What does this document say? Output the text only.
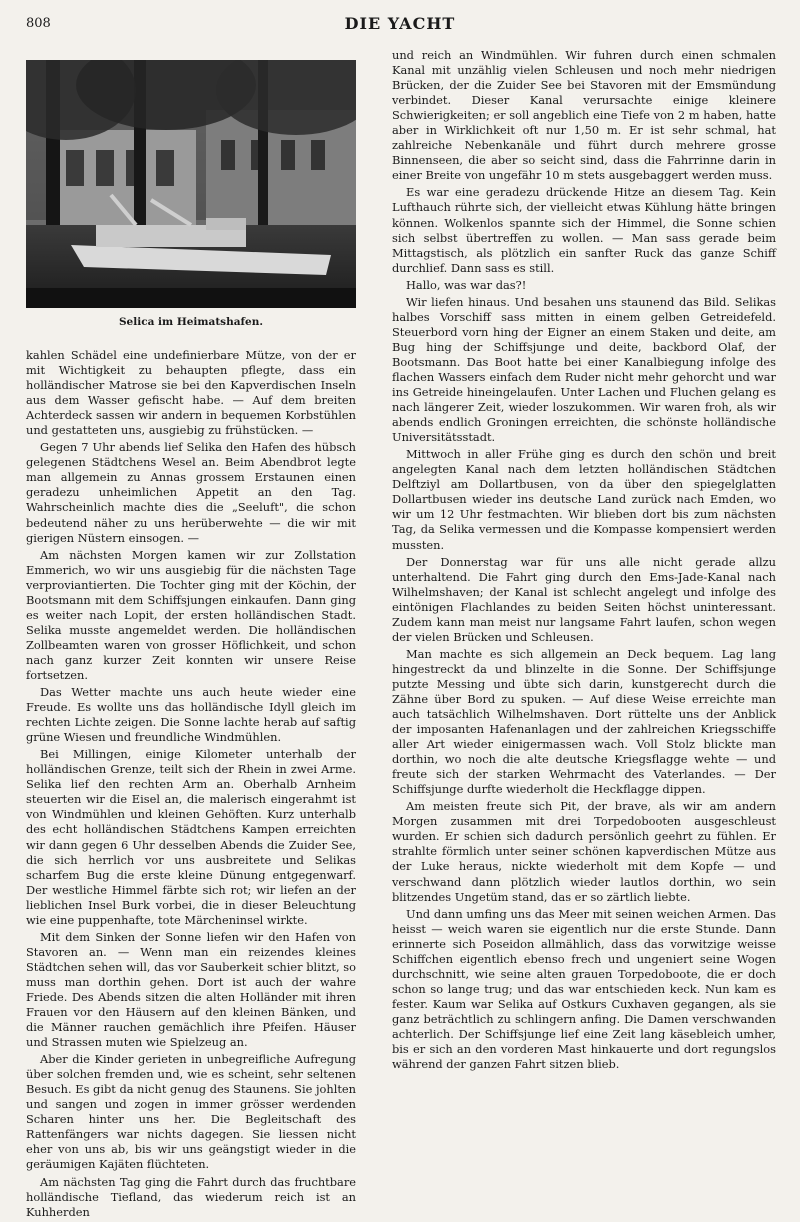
808	DIE YACHT
Selica im Heimatshafen.

kahlen Schädel eine undefinierbare Mütze, von der er mit Wichtigkeit zu behaupten pflegte, dass ein holländischer Matrose sie bei den Kapverdischen Inseln aus dem Wasser gefischt habe. — Auf dem breiten Achterdeck sassen wir andern in bequemen Korbstühlen und gestatteten uns, ausgiebig zu frühstücken. —

Gegen 7 Uhr abends lief Selika den Hafen des hübsch gelegenen Städtchens Wesel an. Beim Abendbrot legte man allgemein zu Annas grossem Erstaunen einen geradezu unheimlichen Appetit an den Tag. Wahrscheinlich machte dies die „Seeluft", die schon bedeutend näher zu uns herüberwehte — die wir mit gierigen Nüstern einsogen. —

Am nächsten Morgen kamen wir zur Zollstation Emmerich, wo wir uns ausgiebig für die nächsten Tage verproviantierten. Die Tochter ging mit der Köchin, der Bootsmann mit dem Schiffsjungen einkaufen. Dann ging es weiter nach Lopit, der ersten holländischen Stadt. Selika musste angemeldet werden. Die holländischen Zollbeamten waren von grosser Höflichkeit, und schon nach ganz kurzer Zeit konnten wir unsere Reise fortsetzen.

Das Wetter machte uns auch heute wieder eine Freude. Es wollte uns das holländische Idyll gleich im rechten Lichte zeigen. Die Sonne lachte herab auf saftig grüne Wiesen und freundliche Windmühlen.

Bei Millingen, einige Kilometer unterhalb der holländischen Grenze, teilt sich der Rhein in zwei Arme. Selika lief den rechten Arm an. Oberhalb Arnheim steuerten wir die Eisel an, die malerisch eingerahmt ist von Windmühlen und kleinen Gehöften. Kurz unterhalb des echt holländischen Städtchens Kampen erreichten wir dann gegen 6 Uhr desselben Abends die Zuider See, die sich herrlich vor uns ausbreitete und Selikas scharfem Bug die erste kleine Dünung entgegenwarf. Der westliche Himmel färbte sich rot; wir liefen an der lieblichen Insel Burk vorbei, die in dieser Beleuchtung wie eine puppenhafte, tote Märcheninsel wirkte.

Mit dem Sinken der Sonne liefen wir den Hafen von Stavoren an. — Wenn man ein reizendes kleines Städtchen sehen will, das vor Sauberkeit schier blitzt, so muss man dorthin gehen. Dort ist auch der wahre Friede. Des Abends sitzen die alten Holländer mit ihren Frauen vor den Häusern auf den kleinen Bänken, und die Männer rauchen gemächlich ihre Pfeifen. Häuser und Strassen muten wie Spielzeug an.

Aber die Kinder gerieten in unbegreifliche Aufregung über solchen fremden und, wie es scheint, sehr seltenen Besuch. Es gibt da nicht genug des Staunens. Sie johlten und sangen und zogen in immer grösser werdenden Scharen hinter uns her. Die Begleitschaft des Rattenfängers war nichts dagegen. Sie liessen nicht eher von uns ab, bis wir uns geängstigt wieder in die geräumigen Kajäten flüchteten.

Am nächsten Tag ging die Fahrt durch das fruchtbare holländische Tiefland, das wiederum reich ist an Kuhherden

und reich an Windmühlen. Wir fuhren durch einen schmalen Kanal mit unzählig vielen Schleusen und noch mehr niedrigen Brücken, der die Zuider See bei Stavoren mit der Emsmündung verbindet. Dieser Kanal verursachte einige kleinere Schwierigkeiten; er soll angeblich eine Tiefe von 2 m haben, hatte aber in Wirklichkeit oft nur 1,50 m. Er ist sehr schmal, hat zahlreiche Nebenkanäle und führt durch mehrere grosse Binnenseen, die aber so seicht sind, dass die Fahrrinne darin in einer Breite von ungefähr 10 m stets ausgebaggert werden muss.

Es war eine geradezu drückende Hitze an diesem Tag. Kein Lufthauch rührte sich, der vielleicht etwas Kühlung hätte bringen können. Wolkenlos spannte sich der Himmel, die Sonne schien sich selbst übertreffen zu wollen. — Man sass gerade beim Mittagstisch, als plötzlich ein sanfter Ruck das ganze Schiff durchlief. Dann sass es still.

Hallo, was war das?!

Wir liefen hinaus. Und besahen uns staunend das Bild. Selikas halbes Vorschiff sass mitten in einem gelben Getreidefeld. Steuerbord vorn hing der Eigner an einem Staken und deite, am Bug hing der Schiffsjunge und deite, backbord Olaf, der Bootsmann. Das Boot hatte bei einer Kanalbiegung infolge des flachen Wassers einfach dem Ruder nicht mehr gehorcht und war ins Getreide hineingelaufen. Unter Lachen und Fluchen gelang es nach längerer Zeit, wieder loszukommen. Wir waren froh, als wir abends endlich Groningen erreichten, die schönste holländische Universitätsstadt.

Mittwoch in aller Frühe ging es durch den schön und breit angelegten Kanal nach dem letzten holländischen Städtchen Delftziyl am Dollartbusen, von da über den spiegelglatten Dollartbusen wieder ins deutsche Land zurück nach Emden, wo wir um 12 Uhr festmachten. Wir blieben dort bis zum nächsten Tag, da Selika vermessen und die Kompasse kompensiert werden mussten.

Der Donnerstag war für uns alle nicht gerade allzu unterhaltend. Die Fahrt ging durch den Ems-Jade-Kanal nach Wilhelmshaven; der Kanal ist schlecht angelegt und infolge des eintönigen Flachlandes zu beiden Seiten höchst uninteressant. Zudem kann man meist nur langsame Fahrt laufen, schon wegen der vielen Brücken und Schleusen.

Man machte es sich allgemein an Deck bequem. Lag lang hingestreckt da und blinzelte in die Sonne. Der Schiffsjunge putzte Messing und übte sich darin, kunstgerecht durch die Zähne über Bord zu spuken. — Auf diese Weise erreichte man auch tatsächlich Wilhelmshaven. Dort rüttelte uns der Anblick der imposanten Hafenanlagen und der zahlreichen Kriegsschiffe aller Art wieder einigermassen wach. Voll Stolz blickte man dorthin, wo noch die alte deutsche Kriegsflagge wehte — und freute sich der starken Wehrmacht des Vaterlandes. — Der Schiffsjunge durfte wiederholt die Heckflagge dippen.

Am meisten freute sich Pit, der brave, als wir am andern Morgen zusammen mit drei Torpedobooten ausgeschleust wurden. Er schien sich dadurch persönlich geehrt zu fühlen. Er strahlte förmlich unter seiner schönen kapverdischen Mütze aus der Luke heraus, nickte wiederholt mit dem Kopfe — und verschwand dann plötzlich wieder lautlos dorthin, wo sein blitzendes Ungetüm stand, das er so zärtlich liebte.

Und dann umfing uns das Meer mit seinen weichen Armen. Das heisst — weich waren sie eigentlich nur die erste Stunde. Dann erinnerte sich Poseidon allmählich, dass das vorwitzige weisse Schiffchen eigentlich ebenso frech und ungeniert seine Wogen durchschnitt, wie seine alten grauen Torpedoboote, die er doch schon so lange trug; und das war entschieden keck. Nun kam es fester. Kaum war Selika auf Ostkurs Cuxhaven gegangen, als sie ganz beträchtlich zu schlingern anfing. Die Damen verschwanden achterlich. Der Schiffsjunge lief eine Zeit lang käsebleich umher, bis er sich an den vorderen Mast hinkauerte und dort regungslos während der ganzen Fahrt sitzen blieb.
